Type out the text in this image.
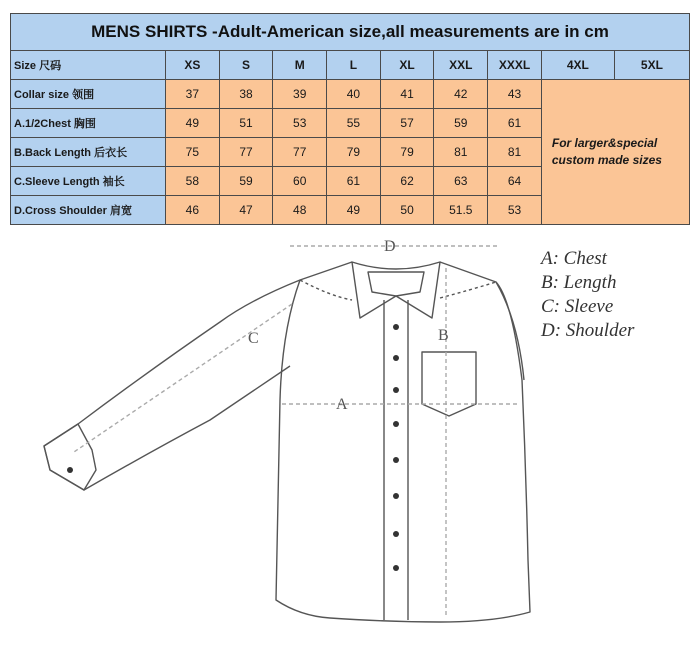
MENS SHIRTS -Adult-American size,all measurements are in cm									
Size 尺码	XS	S	M	L	XL	XXL	XXXL	4XL	5XL
Collar size 领围	37	38	39	40	41	42	43	For larger&special custom made sizes	
A.1/2Chest 胸围	49	51	53	55	57	59	61		
B.Back Length 后衣长	75	77	77	79	79	81	81		
C.Sleeve Length 袖长	58	59	60	61	62	63	64		
D.Cross Shoulder 肩宽	46	47	48	49	50	51.5	53		
D
C	B
A
A: Chest
B: Length
C: Sleeve
D: Shoulder
